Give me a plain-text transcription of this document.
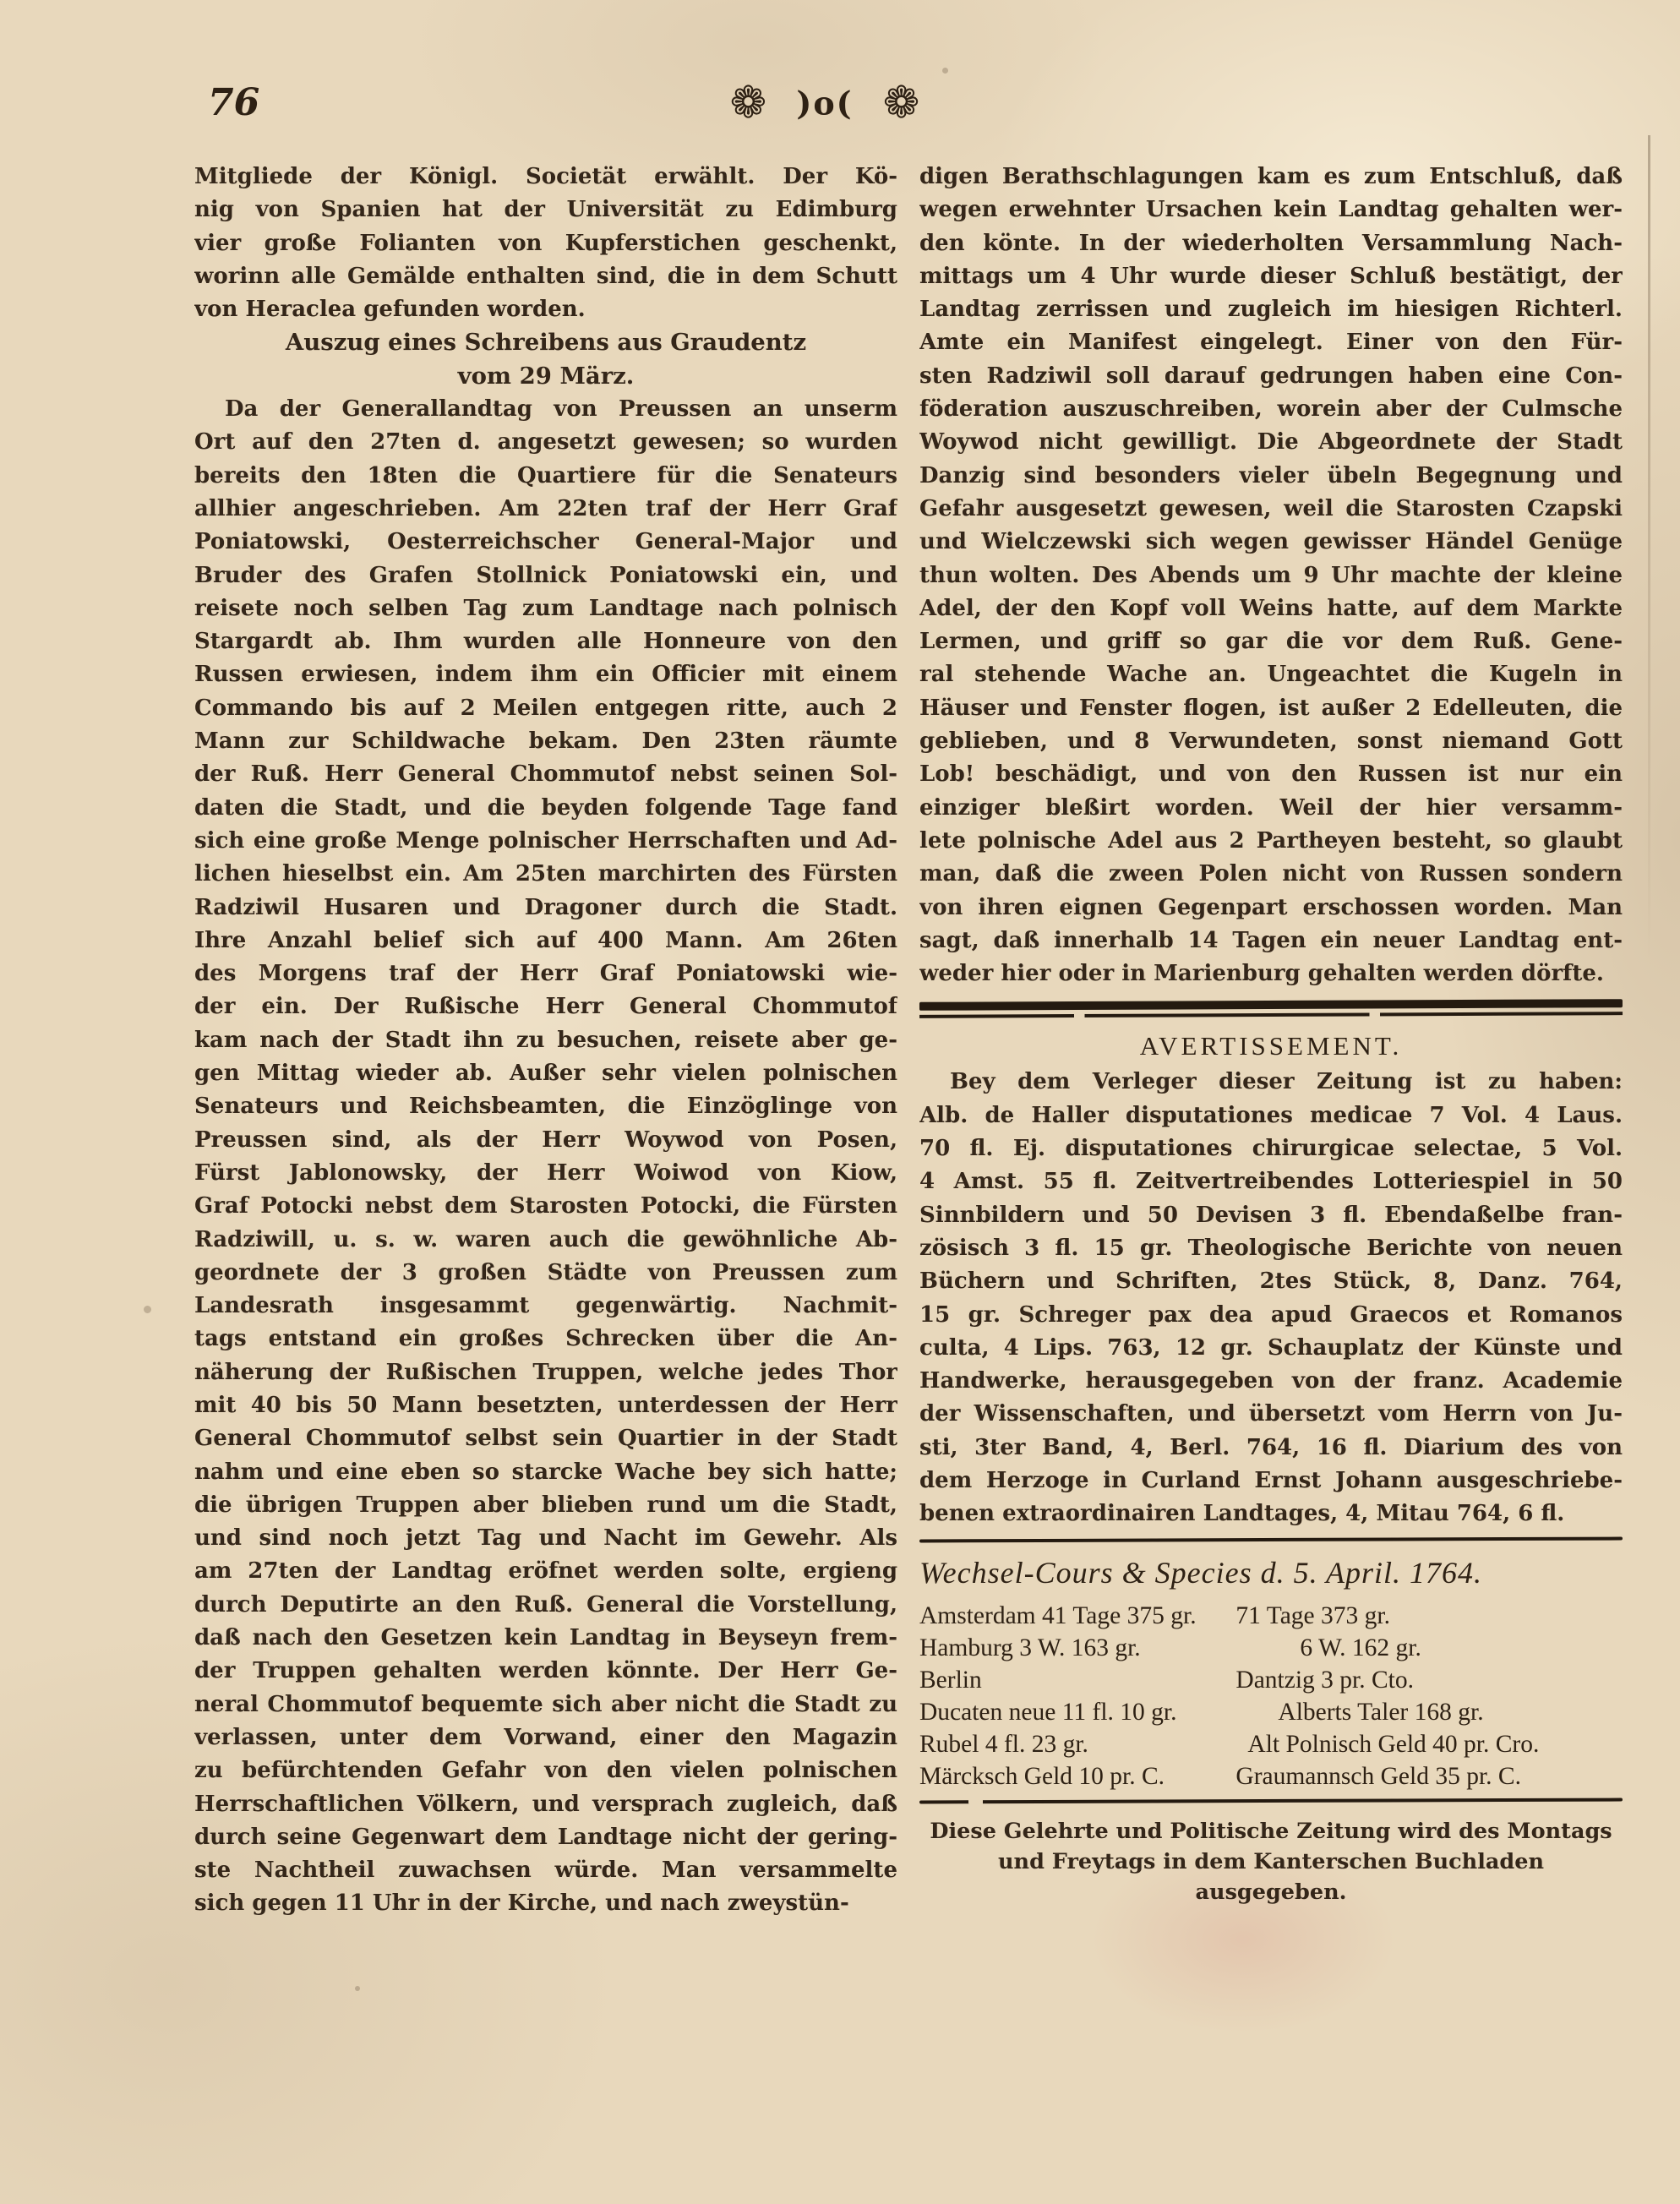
76	❁ )o( ❁
Mitgliede der Königl. Societät erwählt. Der Kö-
nig von Spanien hat der Universität zu Edimburg
vier große Folianten von Kupferstichen geschenkt,
worinn alle Gemälde enthalten sind, die in dem Schutt
von Heraclea gefunden worden.
Auszug eines Schreibens aus Graudentz
vom 29 März.
Da der Generallandtag von Preussen an unserm
Ort auf den 27ten d. angesetzt gewesen; so wurden
bereits den 18ten die Quartiere für die Senateurs
allhier angeschrieben. Am 22ten traf der Herr Graf
Poniatowski, Oesterreichscher General-Major und
Bruder des Grafen Stollnick Poniatowski ein, und
reisete noch selben Tag zum Landtage nach polnisch
Stargardt ab. Ihm wurden alle Honneure von den
Russen erwiesen, indem ihm ein Officier mit einem
Commando bis auf 2 Meilen entgegen ritte, auch 2
Mann zur Schildwache bekam. Den 23ten räumte
der Ruß. Herr General Chommutof nebst seinen Sol-
daten die Stadt, und die beyden folgende Tage fand
sich eine große Menge polnischer Herrschaften und Ad-
lichen hieselbst ein. Am 25ten marchirten des Fürsten
Radziwil Husaren und Dragoner durch die Stadt.
Ihre Anzahl belief sich auf 400 Mann. Am 26ten
des Morgens traf der Herr Graf Poniatowski wie-
der ein. Der Rußische Herr General Chommutof
kam nach der Stadt ihn zu besuchen, reisete aber ge-
gen Mittag wieder ab. Außer sehr vielen polnischen
Senateurs und Reichsbeamten, die Einzöglinge von
Preussen sind, als der Herr Woywod von Posen,
Fürst Jablonowsky, der Herr Woiwod von Kiow,
Graf Potocki nebst dem Starosten Potocki, die Fürsten
Radziwill, u. s. w. waren auch die gewöhnliche Ab-
geordnete der 3 großen Städte von Preussen zum
Landesrath insgesammt gegenwärtig. Nachmit-
tags entstand ein großes Schrecken über die An-
näherung der Rußischen Truppen, welche jedes Thor
mit 40 bis 50 Mann besetzten, unterdessen der Herr
General Chommutof selbst sein Quartier in der Stadt
nahm und eine eben so starcke Wache bey sich hatte;
die übrigen Truppen aber blieben rund um die Stadt,
und sind noch jetzt Tag und Nacht im Gewehr. Als
am 27ten der Landtag eröfnet werden solte, ergieng
durch Deputirte an den Ruß. General die Vorstellung,
daß nach den Gesetzen kein Landtag in Beyseyn frem-
der Truppen gehalten werden könnte. Der Herr Ge-
neral Chommutof bequemte sich aber nicht die Stadt zu
verlassen, unter dem Vorwand, einer den Magazin
zu befürchtenden Gefahr von den vielen polnischen
Herrschaftlichen Völkern, und versprach zugleich, daß
durch seine Gegenwart dem Landtage nicht der gering-
ste Nachtheil zuwachsen würde. Man versammelte
sich gegen 11 Uhr in der Kirche, und nach zweystün-
digen Berathschlagungen kam es zum Entschluß, daß
wegen erwehnter Ursachen kein Landtag gehalten wer-
den könte. In der wiederholten Versammlung Nach-
mittags um 4 Uhr wurde dieser Schluß bestätigt, der
Landtag zerrissen und zugleich im hiesigen Richterl.
Amte ein Manifest eingelegt. Einer von den Für-
sten Radziwil soll darauf gedrungen haben eine Con-
föderation auszuschreiben, worein aber der Culmsche
Woywod nicht gewilligt. Die Abgeordnete der Stadt
Danzig sind besonders vieler übeln Begegnung und
Gefahr ausgesetzt gewesen, weil die Starosten Czapski
und Wielczewski sich wegen gewisser Händel Genüge
thun wolten. Des Abends um 9 Uhr machte der kleine
Adel, der den Kopf voll Weins hatte, auf dem Markte
Lermen, und griff so gar die vor dem Ruß. Gene-
ral stehende Wache an. Ungeachtet die Kugeln in
Häuser und Fenster flogen, ist außer 2 Edelleuten, die
geblieben, und 8 Verwundeten, sonst niemand Gott
Lob! beschädigt, und von den Russen ist nur ein
einziger bleßirt worden. Weil der hier versamm-
lete polnische Adel aus 2 Partheyen besteht, so glaubt
man, daß die zween Polen nicht von Russen sondern
von ihren eignen Gegenpart erschossen worden. Man
sagt, daß innerhalb 14 Tagen ein neuer Landtag ent-
weder hier oder in Marienburg gehalten werden dörfte.
AVERTISSEMENT.
Bey dem Verleger dieser Zeitung ist zu haben:
Alb. de Haller disputationes medicae 7 Vol. 4 Laus.
70 fl. Ej. disputationes chirurgicae selectae, 5 Vol.
4 Amst. 55 fl. Zeitvertreibendes Lotteriespiel in 50
Sinnbildern und 50 Devisen 3 fl. Ebendaßelbe fran-
zösisch 3 fl. 15 gr. Theologische Berichte von neuen
Büchern und Schriften, 2tes Stück, 8, Danz. 764,
15 gr. Schreger pax dea apud Graecos et Romanos
culta, 4 Lips. 763, 12 gr. Schauplatz der Künste und
Handwerke, herausgegeben von der franz. Academie
der Wissenschaften, und übersetzt vom Herrn von Ju-
sti, 3ter Band, 4, Berl. 764, 16 fl. Diarium des von
dem Herzoge in Curland Ernst Johann ausgeschriebe-
benen extraordinairen Landtages, 4, Mitau 764, 6 fl.
Wechsel-Cours & Species d. 5. April. 1764.
Amsterdam 41 Tage 375 gr.	71 Tage 373 gr.
Hamburg 3 W. 163 gr.	6 W. 162 gr.
Berlin	Dantzig 3 pr. Cto.
Ducaten neue 11 fl. 10 gr.	Alberts Taler 168 gr.
Rubel 4 fl. 23 gr.	Alt Polnisch Geld 40 pr. Cro.
Märcksch Geld 10 pr. C.	Graumannsch Geld 35 pr. C.
Diese Gelehrte und Politische Zeitung wird des Montags
und Freytags in dem Kanterschen Buchladen
ausgegeben.
